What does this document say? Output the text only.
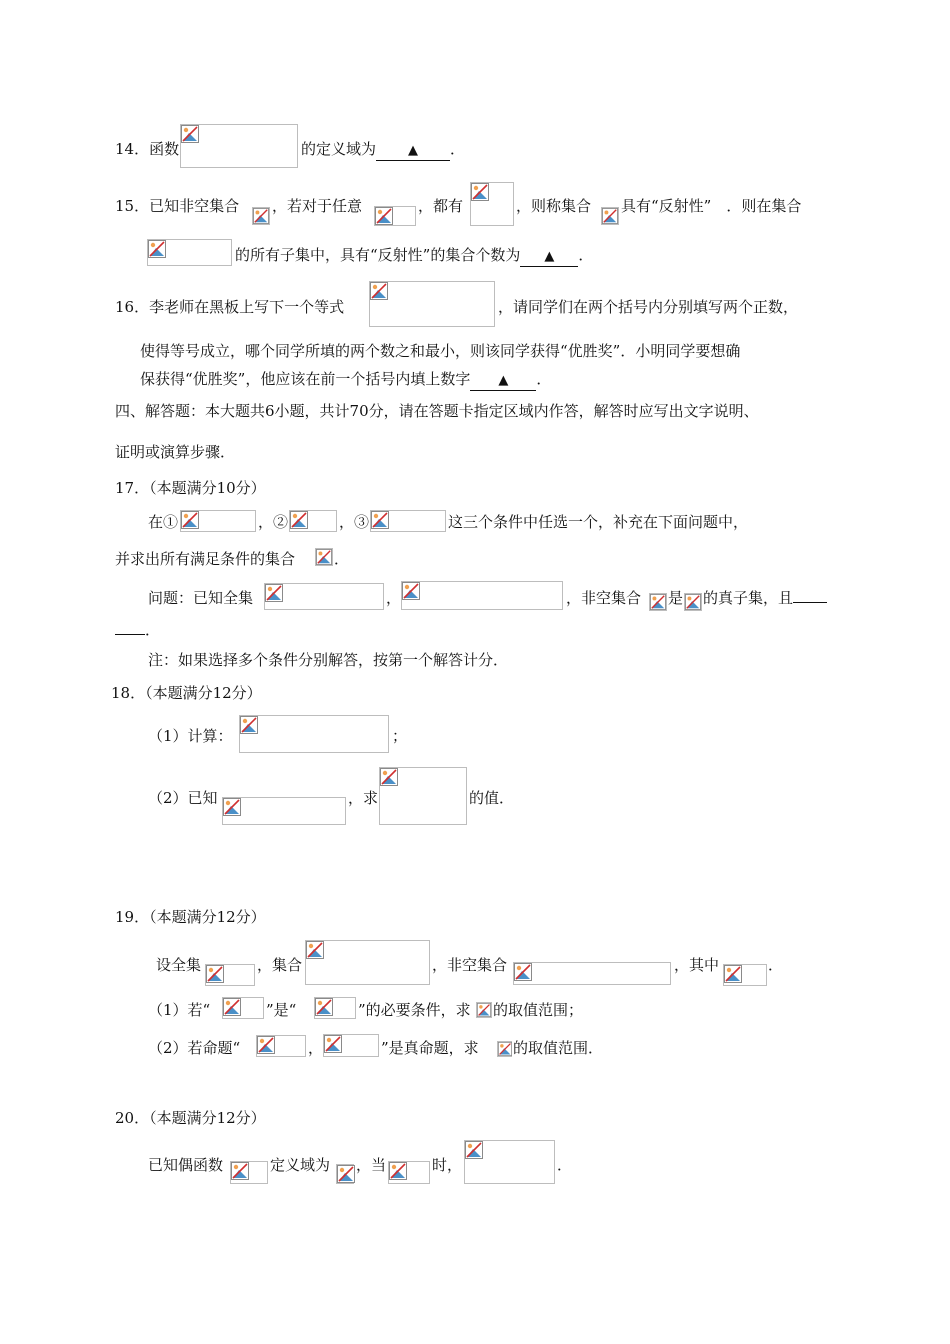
14．函数	的定义域为 ▲ ．
15．已知非空集合 ，若对于任意	，都有	，则称集合 具有“反射性”　．则在集合
的所有子集中，具有“反射性”的集合个数为 ▲ ．
16．李老师在黑板上写下一个等式	，请同学们在两个括号内分别填写两个正数，
使得等号成立，哪个同学所填的两个数之和最小，则该同学获得“优胜奖”．小明同学要想确
保获得“优胜奖”，他应该在前一个括号内填上数字 ▲ ．
四、解答题：本大题共6小题，共计70分，请在答题卡指定区域内作答，解答时应写出文字说明、
证明或演算步骤．
17．（本题满分10分）
在①	，②	，③	这三个条件中任选一个，补充在下面问题中，
并求出所有满足条件的集合	．
问题：已知全集	，	，非空集合 是 的真子集，且
．
注：如果选择多个条件分别解答，按第一个解答计分．
18．（本题满分12分）
（1）计算：	；
（2）已知	，求	的值．
19．（本题满分12分）
设全集	，集合	，非空集合	，其中	．
（1）若“	”是“	”的必要条件，求 的取值范围；
（2）若命题“	，	”是真命题，求 的取值范围．
20．（本题满分12分）
已知偶函数	定义域为 ，当	时，	．
